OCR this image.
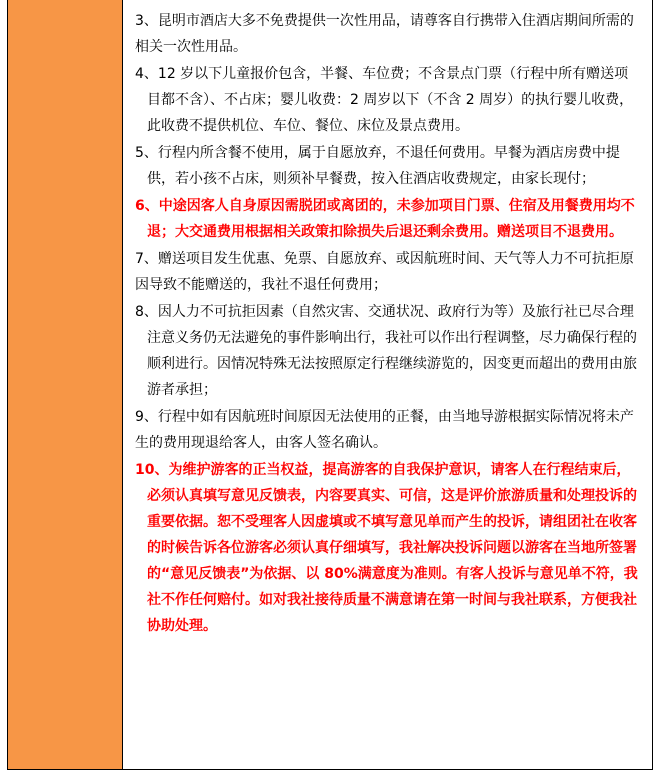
3、昆明市酒店大多不免费提供一次性用品，请尊客自行携带入住酒店期间所需的相关一次性用品。

4、12 岁以下儿童报价包含，半餐、车位费；不含景点门票（行程中所有赠送项目都不含）、不占床；婴儿收费：2 周岁以下（不含 2 周岁）的执行婴儿收费，此收费不提供机位、车位、餐位、床位及景点费用。

5、行程内所含餐不使用，属于自愿放弃，不退任何费用。早餐为酒店房费中提供，若小孩不占床，则须补早餐费，按入住酒店收费规定，由家长现付；

6、中途因客人自身原因需脱团或离团的，未参加项目门票、住宿及用餐费用均不退；大交通费用根据相关政策扣除损失后退还剩余费用。赠送项目不退费用。

7、赠送项目发生优惠、免票、自愿放弃、或因航班时间、天气等人力不可抗拒原因导致不能赠送的，我社不退任何费用；

8、因人力不可抗拒因素（自然灾害、交通状况、政府行为等）及旅行社已尽合理注意义务仍无法避免的事件影响出行，我社可以作出行程调整，尽力确保行程的顺利进行。因情况特殊无法按照原定行程继续游览的，因变更而超出的费用由旅游者承担；

9、行程中如有因航班时间原因无法使用的正餐，由当地导游根据实际情况将未产生的费用现退给客人，由客人签名确认。

10、为维护游客的正当权益，提高游客的自我保护意识，请客人在行程结束后，必须认真填写意见反馈表，内容要真实、可信，这是评价旅游质量和处理投诉的重要依据。恕不受理客人因虚填或不填写意见单而产生的投诉，请组团社在收客的时候告诉各位游客必须认真仔细填写，我社解决投诉问题以游客在当地所签署的“意见反馈表”为依据、以 80%满意度为准则。有客人投诉与意见单不符，我社不作任何赔付。如对我社接待质量不满意请在第一时间与我社联系，方便我社协助处理。
